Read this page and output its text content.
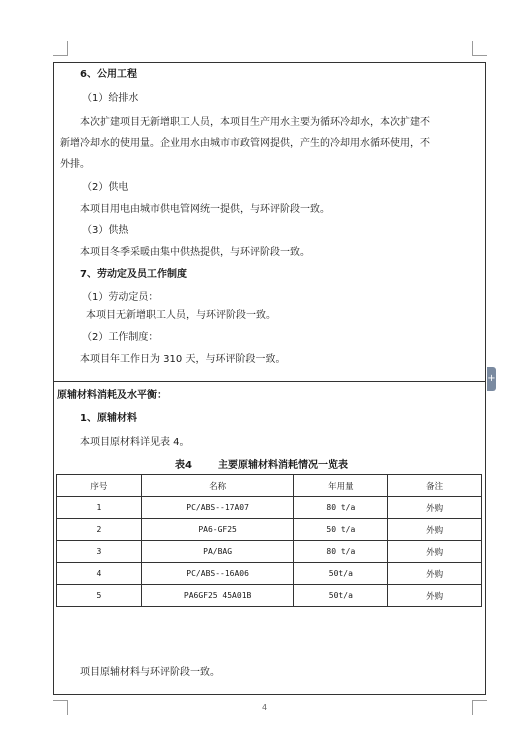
6、公用工程
（1）给排水
本次扩建项目无新增职工人员，本项目生产用水主要为循环冷却水，本次扩建不
新增冷却水的使用量。企业用水由城市市政管网提供，产生的冷却用水循环使用，不
外排。
（2）供电
本项目用电由城市供电管网统一提供，与环评阶段一致。
（3）供热
本项目冬季采暖由集中供热提供，与环评阶段一致。
7、劳动定及员工作制度
（1）劳动定员：
本项目无新增职工人员，与环评阶段一致。
（2）工作制度：
本项目年工作日为 310 天，与环评阶段一致。
原辅材料消耗及水平衡：
1、原辅材料
本项目原材料详见表 4。
表4	主要原辅材料消耗情况一览表
序号	名称	年用量	备注
1	PC/ABS--17A07	80 t/a	外购
2	PA6-GF25	50 t/a	外购
3	PA/BAG	80 t/a	外购
4	PC/ABS--16A06	50t/a	外购
5	PA6GF25 45A01B	50t/a	外购
项目原辅材料与环评阶段一致。
+
4
